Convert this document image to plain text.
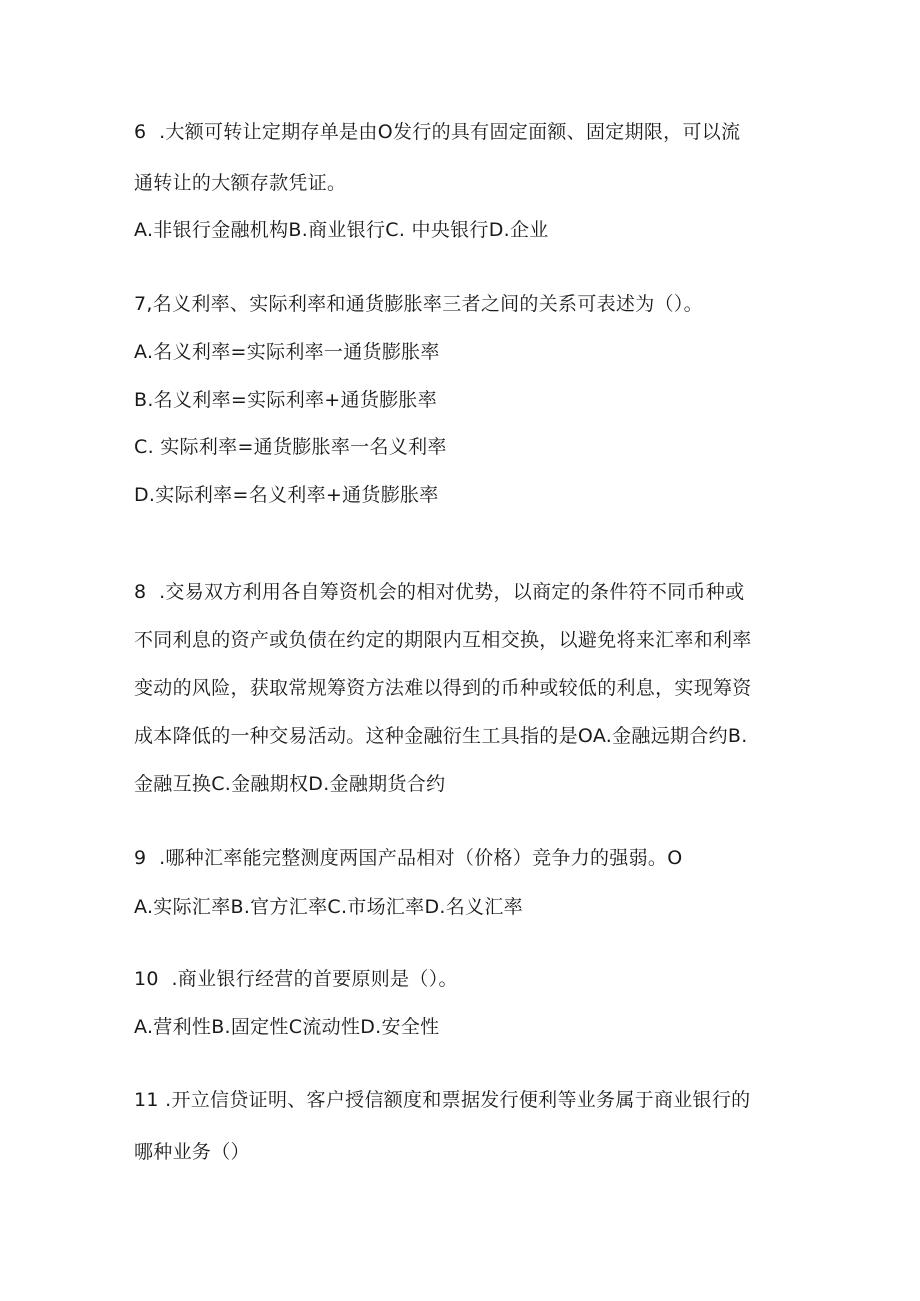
6  .大额可转让定期存单是由O发行的具有固定面额、固定期限，可以流
通转让的大额存款凭证。
A.非银行金融机构B.商业银行C. 中央银行D.企业
7,名义利率、实际利率和通货膨胀率三者之间的关系可表述为（）。
A.名义利率=实际利率一通货膨胀率
B.名义利率=实际利率+通货膨胀率
C. 实际利率=通货膨胀率一名义利率
D.实际利率=名义利率+通货膨胀率
8  .交易双方利用各自筹资机会的相对优势，以商定的条件符不同币种或
不同利息的资产或负债在约定的期限内互相交换，以避免将来汇率和利率
变动的风险，获取常规筹资方法难以得到的币种或较低的利息，实现筹资
成本降低的一种交易活动。这种金融衍生工具指的是OA.金融远期合约B.
金融互换C.金融期权D.金融期货合约
9  .哪种汇率能完整测度两国产品相对（价格）竞争力的强弱。O
A.实际汇率B.官方汇率C.市场汇率D.名义汇率
10  .商业银行经营的首要原则是（）。
A.营利性B.固定性C流动性D.安全性
11 .开立信贷证明、客户授信额度和票据发行便利等业务属于商业银行的
哪种业务（）
